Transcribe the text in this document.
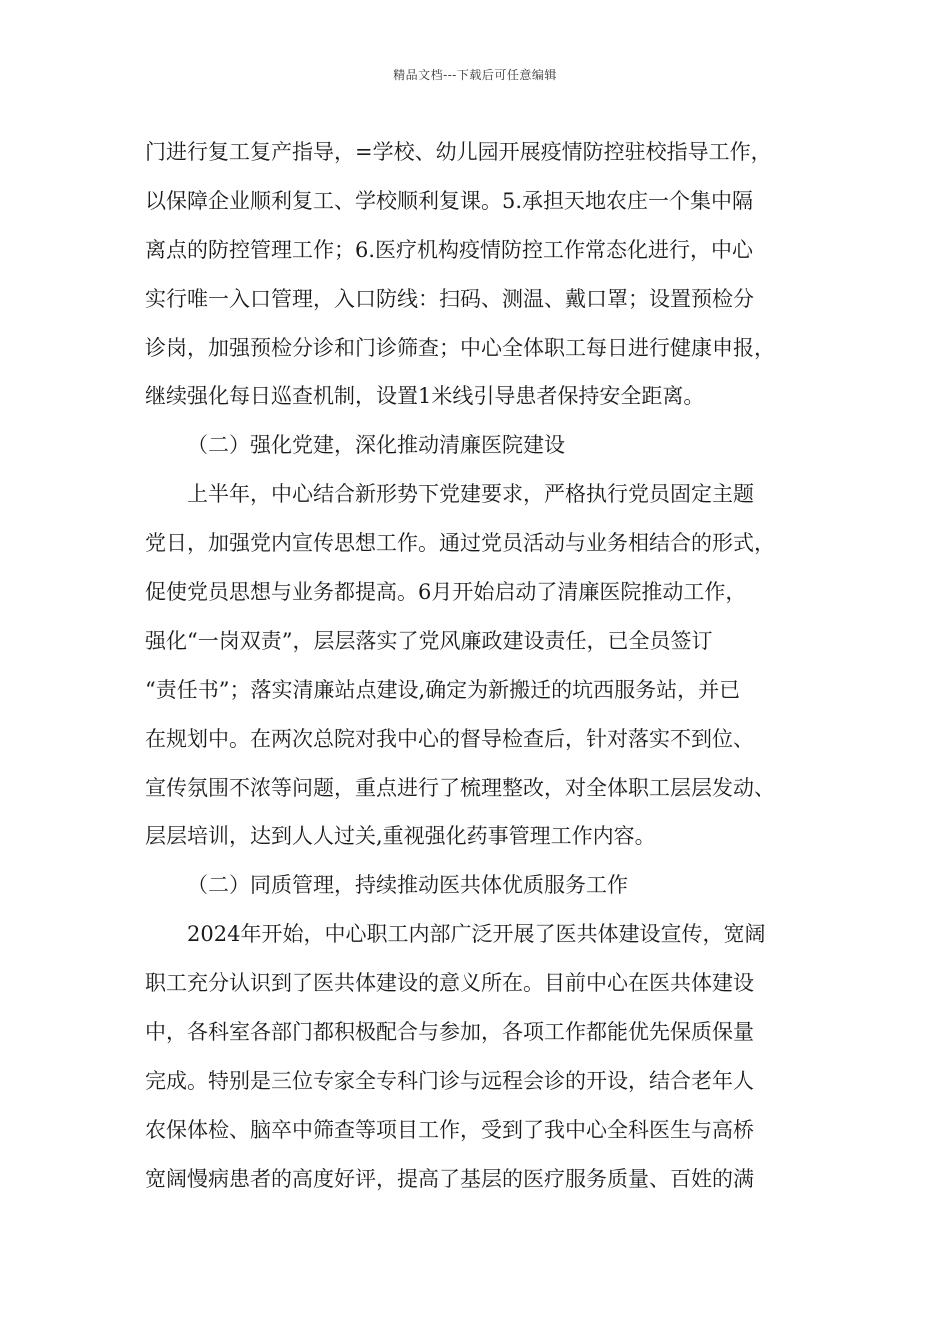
精品文档---下载后可任意编辑
门进行复工复产指导，=学校、幼儿园开展疫情防控驻校指导工作，
以保障企业顺利复工、学校顺利复课。5.承担天地农庄一个集中隔
离点的防控管理工作；6.医疗机构疫情防控工作常态化进行，中心
实行唯一入口管理，入口防线：扫码、测温、戴口罩；设置预检分
诊岗，加强预检分诊和门诊筛查；中心全体职工每日进行健康申报，
继续强化每日巡查机制，设置1米线引导患者保持安全距离。
（二）强化党建，深化推动清廉医院建设
上半年，中心结合新形势下党建要求，严格执行党员固定主题
党日，加强党内宣传思想工作。通过党员活动与业务相结合的形式，
促使党员思想与业务都提高。6月开始启动了清廉医院推动工作，
强化“一岗双责”，层层落实了党风廉政建设责任，已全员签订
“责任书”；落实清廉站点建设,确定为新搬迁的坑西服务站，并已
在规划中。在两次总院对我中心的督导检查后，针对落实不到位、
宣传氛围不浓等问题，重点进行了梳理整改，对全体职工层层发动、
层层培训，达到人人过关,重视强化药事管理工作内容。
（二）同质管理，持续推动医共体优质服务工作
2024年开始，中心职工内部广泛开展了医共体建设宣传，宽阔
职工充分认识到了医共体建设的意义所在。目前中心在医共体建设
中，各科室各部门都积极配合与参加，各项工作都能优先保质保量
完成。特别是三位专家全专科门诊与远程会诊的开设，结合老年人
农保体检、脑卒中筛查等项目工作，受到了我中心全科医生与高桥
宽阔慢病患者的高度好评，提高了基层的医疗服务质量、百姓的满
